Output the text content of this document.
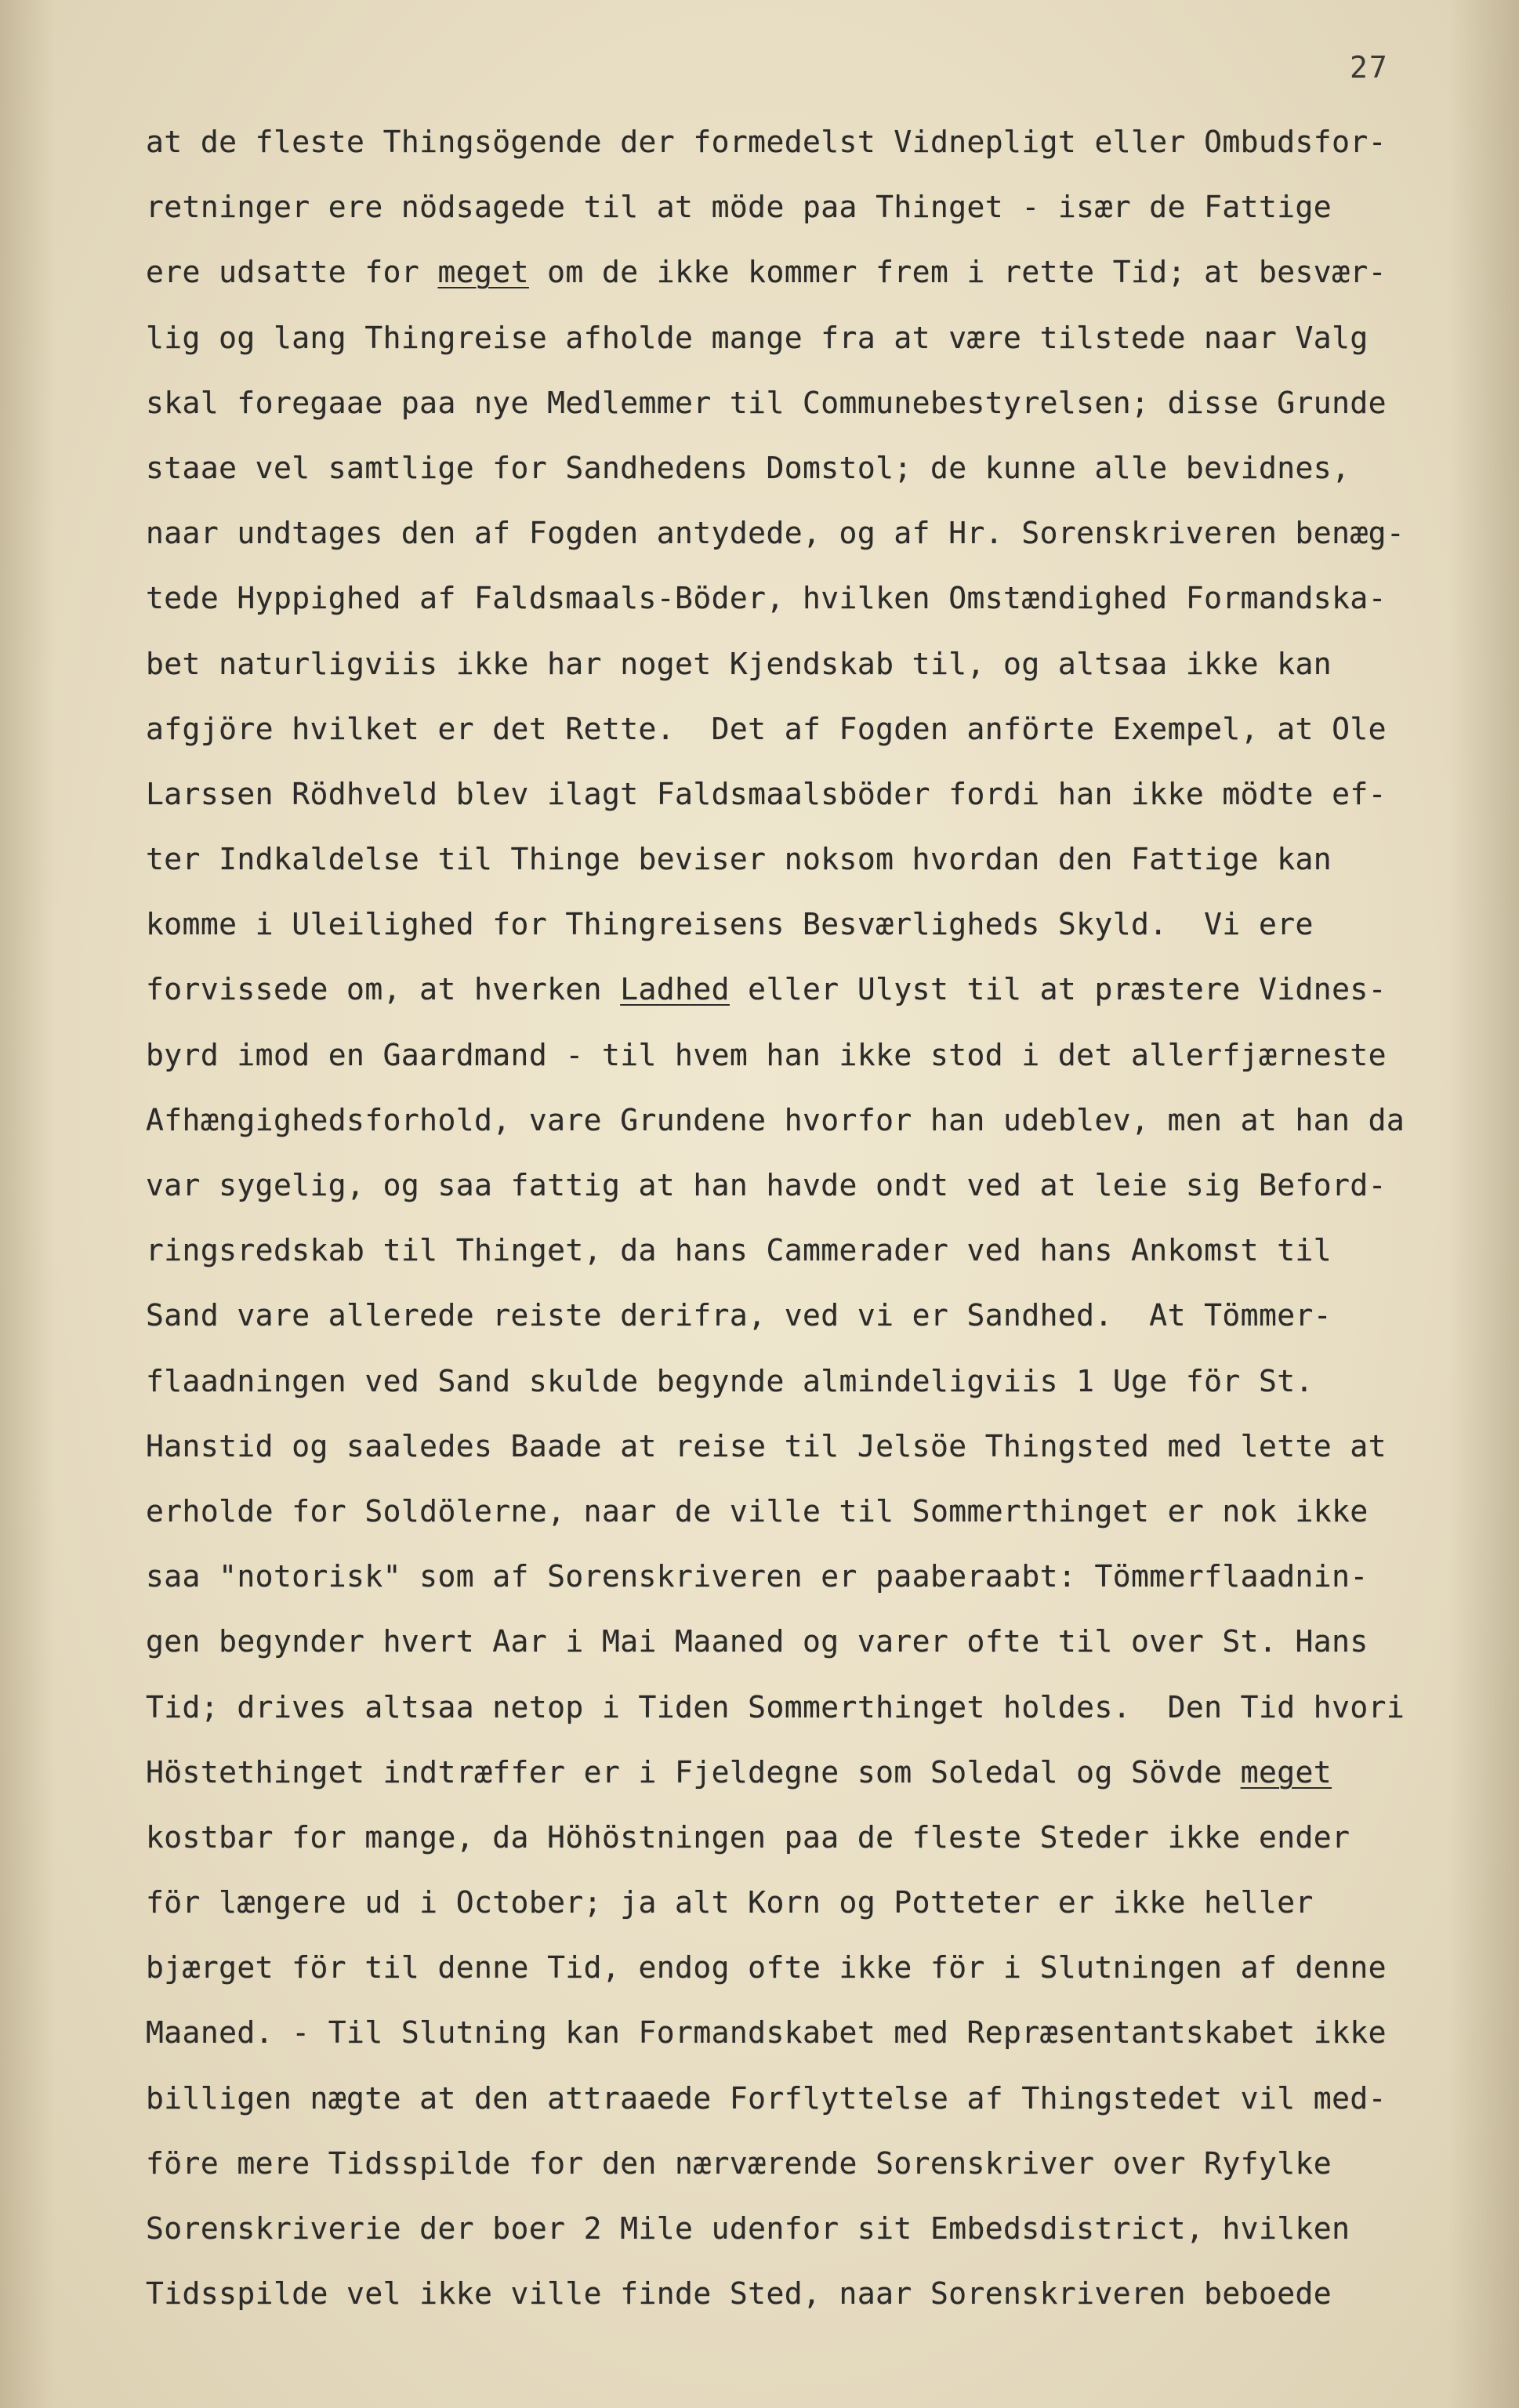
27
at de fleste Thingsögende der formedelst Vidnepligt eller Ombudsfor-
retninger ere nödsagede til at möde paa Thinget - især de Fattige
ere udsatte for meget om de ikke kommer frem i rette Tid; at besvær-
lig og lang Thingreise afholde mange fra at være tilstede naar Valg
skal foregaae paa nye Medlemmer til Communebestyrelsen; disse Grunde
staae vel samtlige for Sandhedens Domstol; de kunne alle bevidnes,
naar undtages den af Fogden antydede, og af Hr. Sorenskriveren benæg-
tede Hyppighed af Faldsmaals-Böder, hvilken Omstændighed Formandska-
bet naturligviis ikke har noget Kjendskab til, og altsaa ikke kan
afgjöre hvilket er det Rette.  Det af Fogden anförte Exempel, at Ole
Larssen Rödhveld blev ilagt Faldsmaalsböder fordi han ikke mödte ef-
ter Indkaldelse til Thinge beviser noksom hvordan den Fattige kan
komme i Uleilighed for Thingreisens Besværligheds Skyld.  Vi ere
forvissede om, at hverken Ladhed eller Ulyst til at præstere Vidnes-
byrd imod en Gaardmand - til hvem han ikke stod i det allerfjærneste
Afhængighedsforhold, vare Grundene hvorfor han udeblev, men at han da
var sygelig, og saa fattig at han havde ondt ved at leie sig Beford-
ringsredskab til Thinget, da hans Cammerader ved hans Ankomst til
Sand vare allerede reiste derifra, ved vi er Sandhed.  At Tömmer-
flaadningen ved Sand skulde begynde almindeligviis 1 Uge för St.
Hanstid og saaledes Baade at reise til Jelsöe Thingsted med lette at
erholde for Soldölerne, naar de ville til Sommerthinget er nok ikke
saa "notorisk" som af Sorenskriveren er paaberaabt: Tömmerflaadnin-
gen begynder hvert Aar i Mai Maaned og varer ofte til over St. Hans
Tid; drives altsaa netop i Tiden Sommerthinget holdes.  Den Tid hvori
Höstethinget indtræffer er i Fjeldegne som Soledal og Sövde meget
kostbar for mange, da Höhöstningen paa de fleste Steder ikke ender
för længere ud i October; ja alt Korn og Potteter er ikke heller
bjærget för til denne Tid, endog ofte ikke för i Slutningen af denne
Maaned. - Til Slutning kan Formandskabet med Repræsentantskabet ikke
billigen nægte at den attraaede Forflyttelse af Thingstedet vil med-
före mere Tidsspilde for den nærværende Sorenskriver over Ryfylke
Sorenskriverie der boer 2 Mile udenfor sit Embedsdistrict, hvilken
Tidsspilde vel ikke ville finde Sted, naar Sorenskriveren beboede
